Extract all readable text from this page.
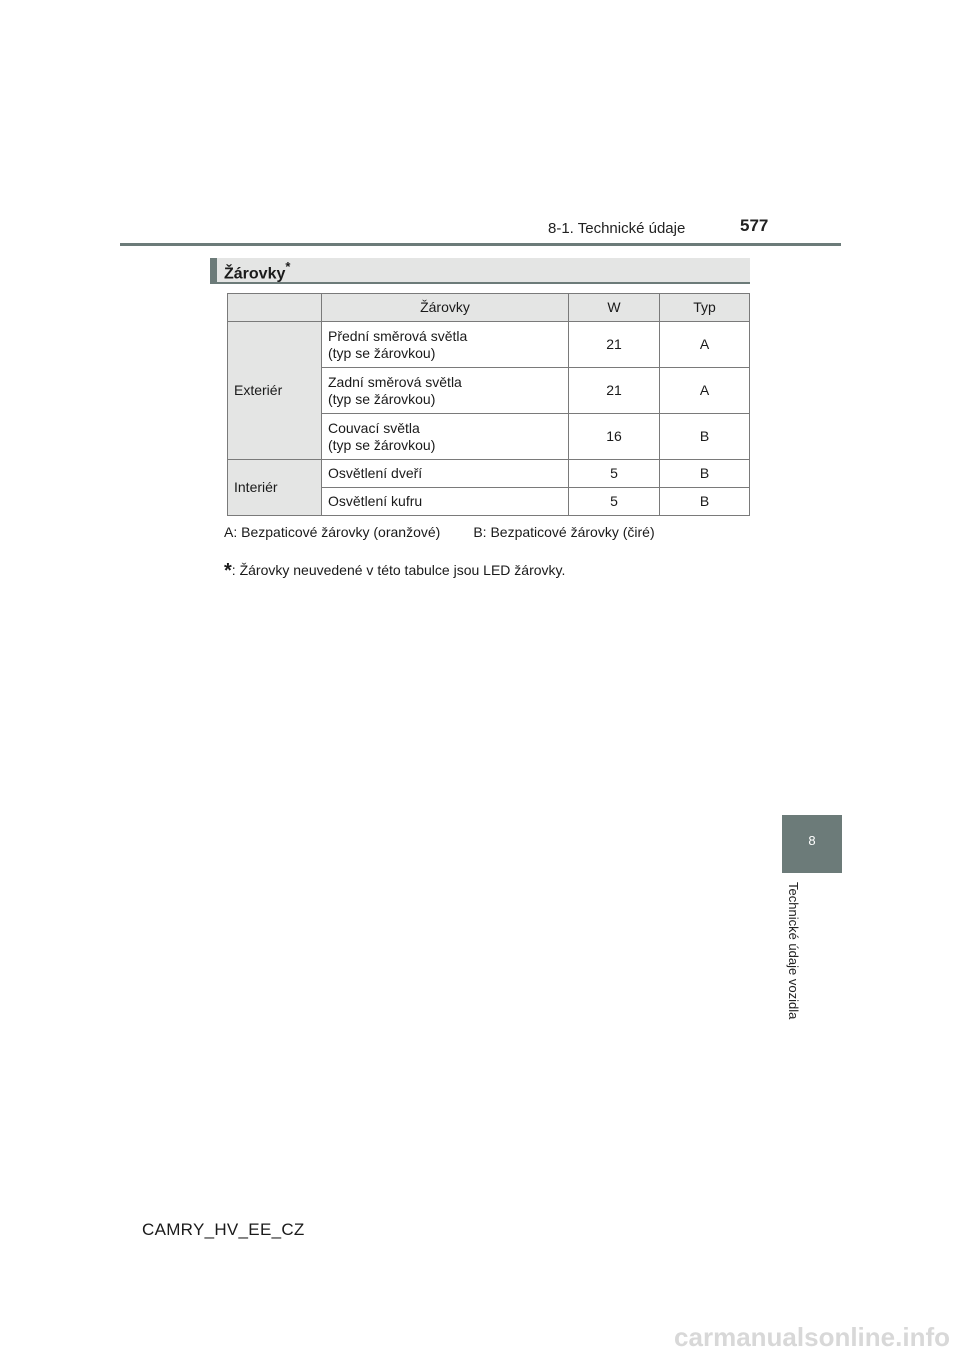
8-1. Technické údaje	577
Žárovky*
	Žárovky	W	Typ
Exteriér	Přední směrová světla
(typ se žárovkou)	21	A

	Zadní směrová světla
(typ se žárovkou)	21	A

	Couvací světla
(typ se žárovkou)	16	B
Interiér	Osvětlení dveří	5	B
	Osvětlení kufru	5	B
A: Bezpaticové žárovky (oranžové) B: Bezpaticové žárovky (čiré)
*: Žárovky neuvedené v této tabulce jsou LED žárovky.
8
Technické údaje vozidla
CAMRY_HV_EE_CZ
carmanualsonline.info
